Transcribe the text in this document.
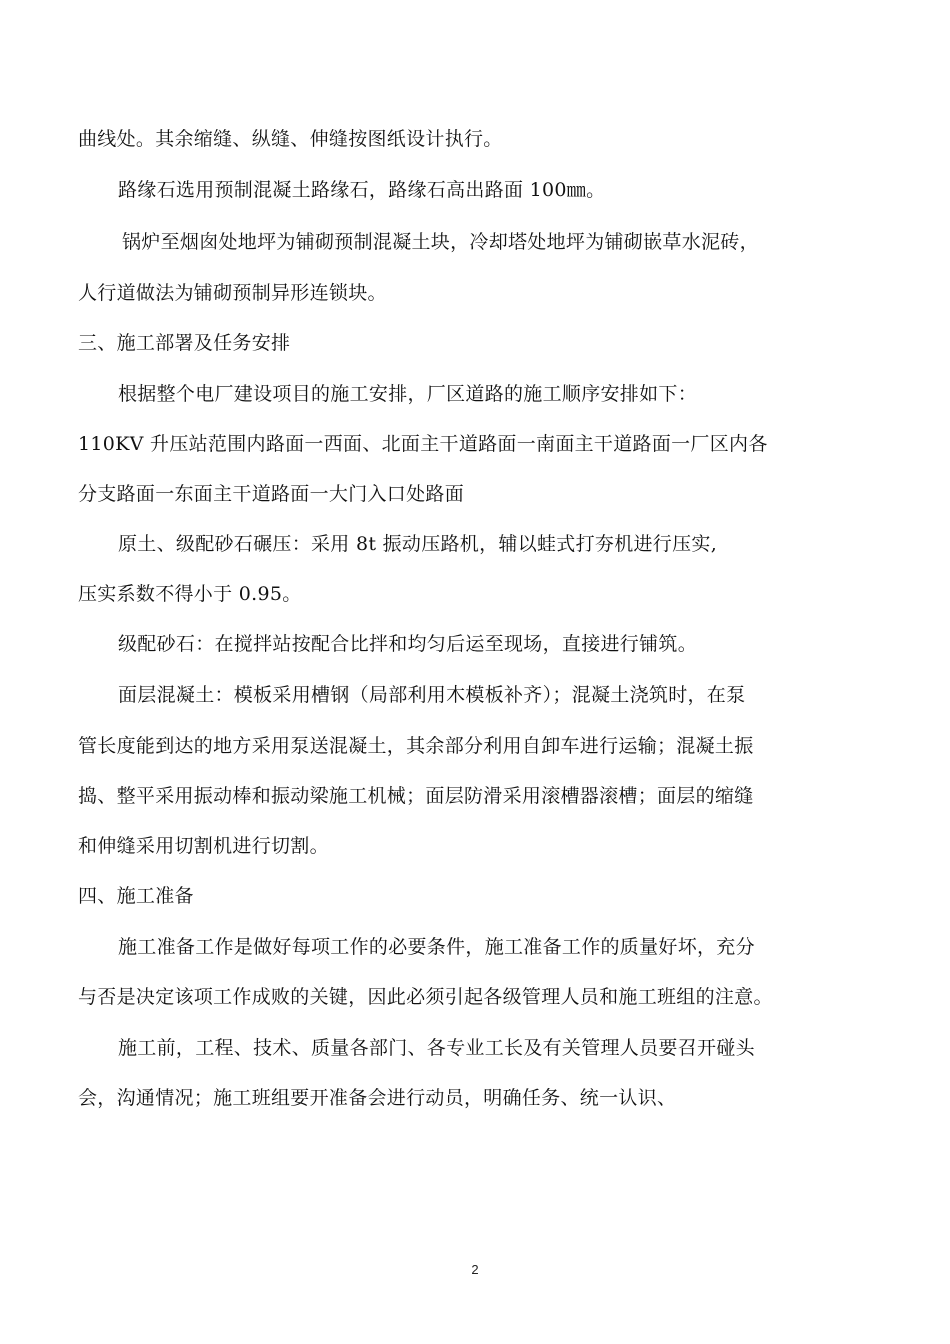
曲线处。其余缩缝、纵缝、伸缝按图纸设计执行。
路缘石选用预制混凝土路缘石，路缘石高出路面 100㎜。
锅炉至烟囱处地坪为铺砌预制混凝土块，冷却塔处地坪为铺砌嵌草水泥砖，
人行道做法为铺砌预制异形连锁块。
三、施工部署及任务安排
根据整个电厂建设项目的施工安排，厂区道路的施工顺序安排如下：
110KV 升压站范围内路面一西面、北面主干道路面一南面主干道路面一厂区内各
分支路面一东面主干道路面一大门入口处路面
原土、级配砂石碾压：采用 8t 振动压路机，辅以蛙式打夯机进行压实,
压实系数不得小于 0.95。
级配砂石：在搅拌站按配合比拌和均匀后运至现场，直接进行铺筑。
面层混凝土：模板采用槽钢（局部利用木模板补齐）；混凝土浇筑时，在泵
管长度能到达的地方采用泵送混凝土，其余部分利用自卸车进行运输；混凝土振
捣、整平采用振动棒和振动梁施工机械；面层防滑采用滚槽器滚槽；面层的缩缝
和伸缝采用切割机进行切割。
四、施工准备
施工准备工作是做好每项工作的必要条件，施工准备工作的质量好坏，充分
与否是决定该项工作成败的关键，因此必须引起各级管理人员和施工班组的注意。
施工前，工程、技术、质量各部门、各专业工长及有关管理人员要召开碰头
会，沟通情况；施工班组要开准备会进行动员，明确任务、统一认识、
2
